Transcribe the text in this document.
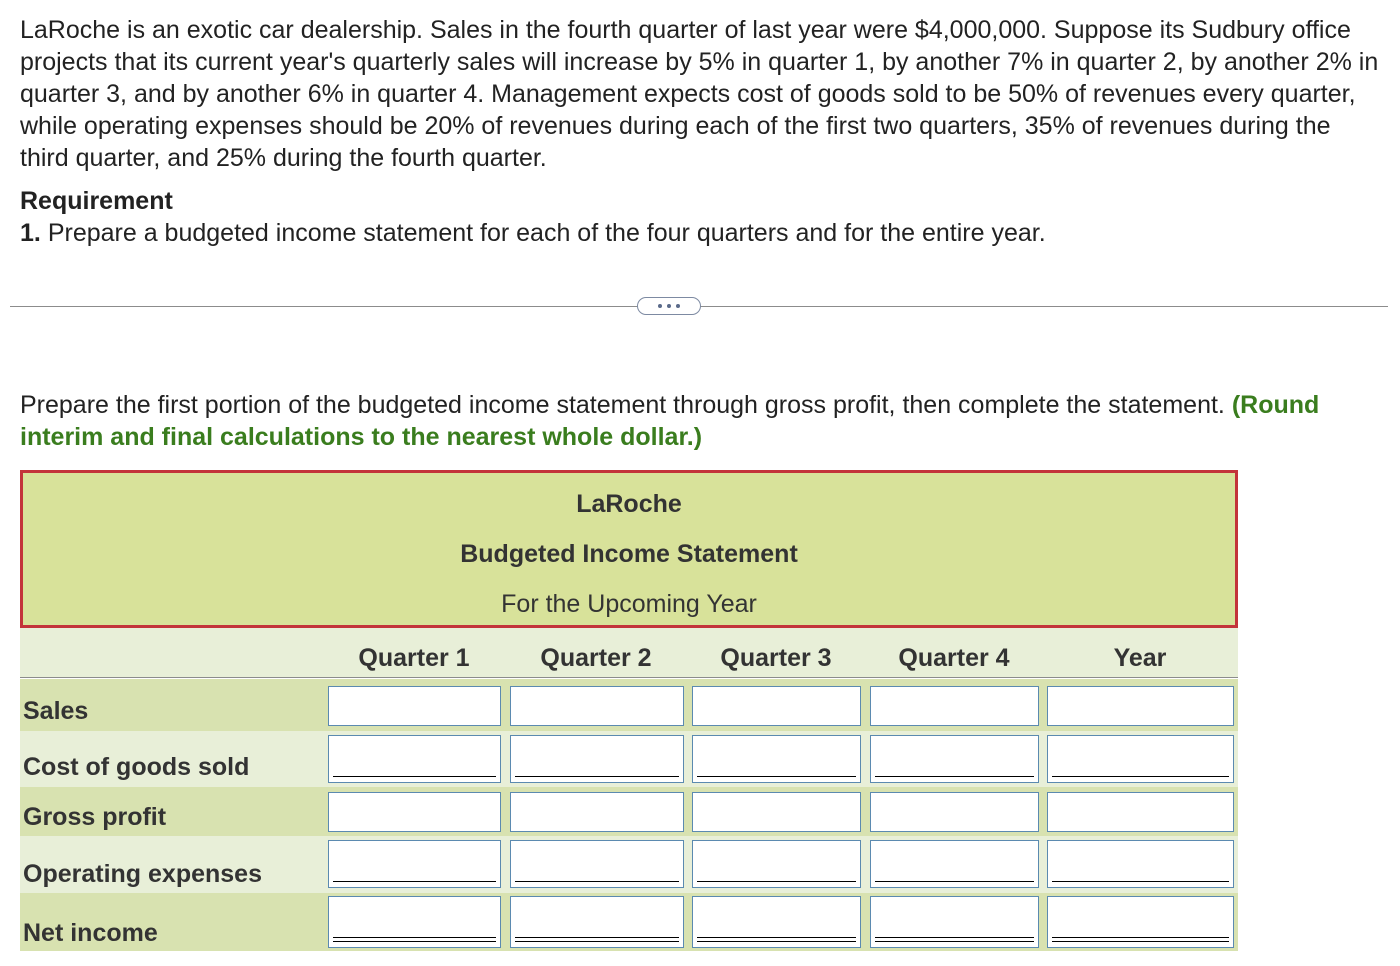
LaRoche is an exotic car dealership. Sales in the fourth quarter of last year were $4,000,000. Suppose its Sudbury office projects that its current year's quarterly sales will increase by 5% in quarter 1, by another 7% in quarter 2, by another 2% in quarter 3, and by another 6% in quarter 4. Management expects cost of goods sold to be 50% of revenues every quarter, while operating expenses should be 20% of revenues during each of the first two quarters, 35% of revenues during the third quarter, and 25% during the fourth quarter.
Requirement
1. Prepare a budgeted income statement for each of the four quarters and for the entire year.
Prepare the first portion of the budgeted income statement through gross profit, then complete the statement. (Round interim and final calculations to the nearest whole dollar.)
LaRoche
Budgeted Income Statement
For the Upcoming Year
Quarter 1	Quarter 2	Quarter 3	Quarter 4	Year
Sales
Cost of goods sold
Gross profit
Operating expenses
Net income
